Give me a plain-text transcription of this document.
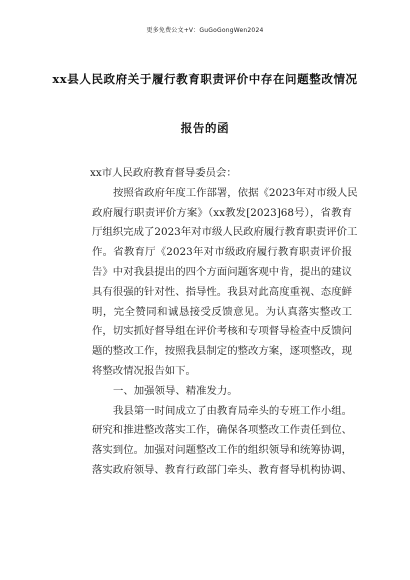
更多免费公文+V：GuGoGongWen2024
xx县人民政府关于履行教育职责评价中存在问题整改情况
报告的函
xx市人民政府教育督导委员会：
按照省政府年度工作部署，依据《2023年对市级人民
政府履行职责评价方案》（xx教发[2023]68号），省教育
厅组织完成了2023年对市级人民政府履行教育职责评价工
作。省教育厅《2023年对市级政府履行教育职责评价报
告》中对我县提出的四个方面问题客观中肯，提出的建议
具有很强的针对性、指导性。我县对此高度重视、态度鲜
明，完全赞同和诚恳接受反馈意见。为认真落实整改工
作，切实抓好督导组在评价考核和专项督导检查中反馈问
题的整改工作，按照我县制定的整改方案，逐项整改，现
将整改情况报告如下。
一、加强领导、精准发力。
我县第一时间成立了由教育局牵头的专班工作小组。
研究和推进整改落实工作，确保各项整改工作责任到位、
落实到位。加强对问题整改工作的组织领导和统筹协调，
落实政府领导、教育行政部门牵头、教育督导机构协调、
